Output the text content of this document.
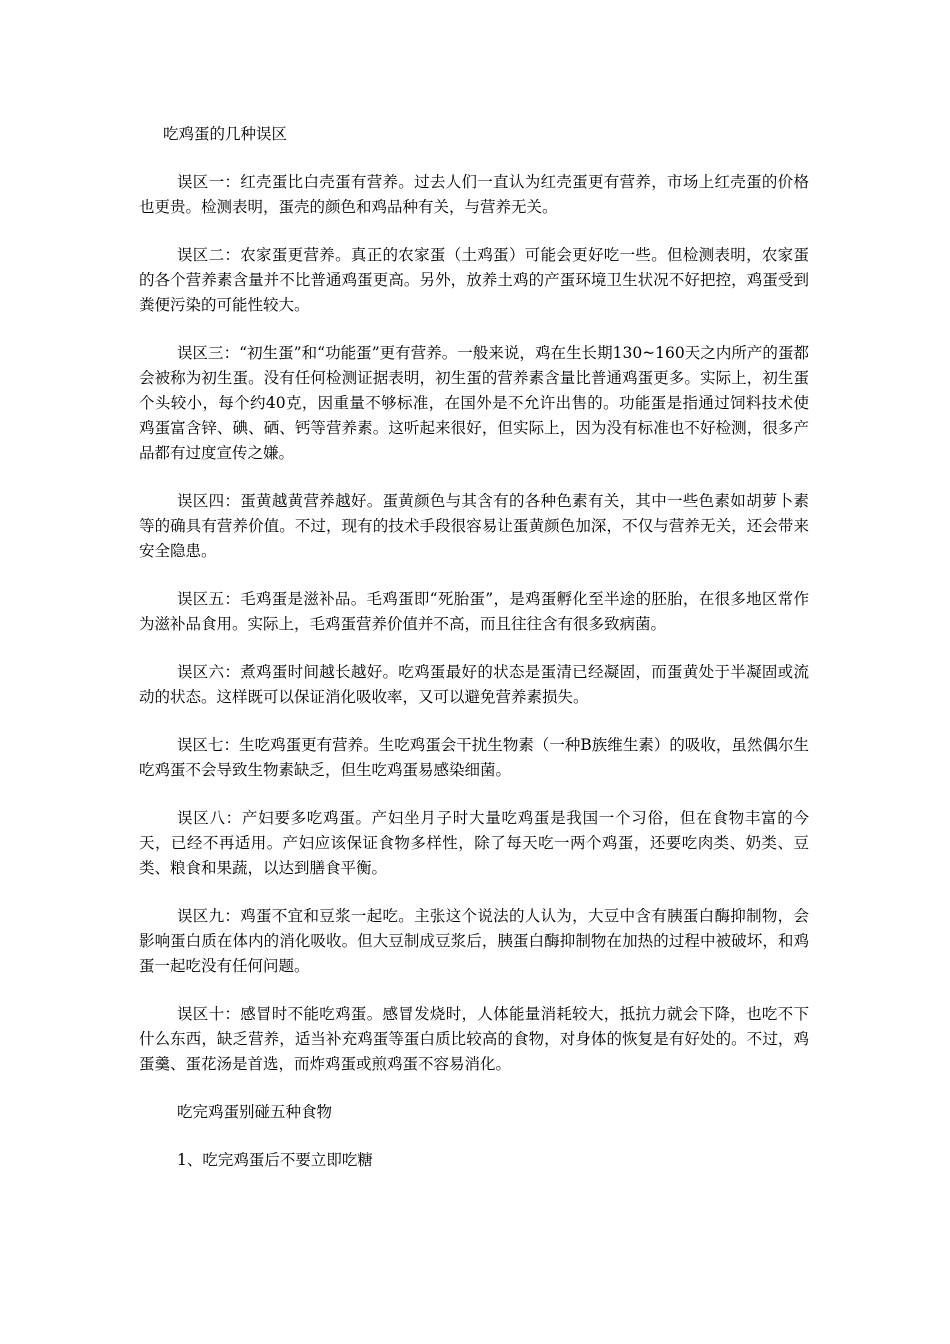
吃鸡蛋的几种误区

误区一：红壳蛋比白壳蛋有营养。过去人们一直认为红壳蛋更有营养，市场上红壳蛋的价格也更贵。检测表明，蛋壳的颜色和鸡品种有关，与营养无关。

误区二：农家蛋更营养。真正的农家蛋（土鸡蛋）可能会更好吃一些。但检测表明，农家蛋的各个营养素含量并不比普通鸡蛋更高。另外，放养土鸡的产蛋环境卫生状况不好把控，鸡蛋受到粪便污染的可能性较大。

误区三：“初生蛋”和“功能蛋”更有营养。一般来说，鸡在生长期130~160天之内所产的蛋都会被称为初生蛋。没有任何检测证据表明，初生蛋的营养素含量比普通鸡蛋更多。实际上，初生蛋个头较小，每个约40克，因重量不够标准，在国外是不允许出售的。功能蛋是指通过饲料技术使鸡蛋富含锌、碘、硒、钙等营养素。这听起来很好，但实际上，因为没有标准也不好检测，很多产品都有过度宣传之嫌。

误区四：蛋黄越黄营养越好。蛋黄颜色与其含有的各种色素有关，其中一些色素如胡萝卜素等的确具有营养价值。不过，现有的技术手段很容易让蛋黄颜色加深，不仅与营养无关，还会带来安全隐患。

误区五：毛鸡蛋是滋补品。毛鸡蛋即“死胎蛋”，是鸡蛋孵化至半途的胚胎，在很多地区常作为滋补品食用。实际上，毛鸡蛋营养价值并不高，而且往往含有很多致病菌。

误区六：煮鸡蛋时间越长越好。吃鸡蛋最好的状态是蛋清已经凝固，而蛋黄处于半凝固或流动的状态。这样既可以保证消化吸收率，又可以避免营养素损失。

误区七：生吃鸡蛋更有营养。生吃鸡蛋会干扰生物素（一种B族维生素）的吸收，虽然偶尔生吃鸡蛋不会导致生物素缺乏，但生吃鸡蛋易感染细菌。

误区八：产妇要多吃鸡蛋。产妇坐月子时大量吃鸡蛋是我国一个习俗，但在食物丰富的今天，已经不再适用。产妇应该保证食物多样性，除了每天吃一两个鸡蛋，还要吃肉类、奶类、豆类、粮食和果蔬，以达到膳食平衡。

误区九：鸡蛋不宜和豆浆一起吃。主张这个说法的人认为，大豆中含有胰蛋白酶抑制物，会影响蛋白质在体内的消化吸收。但大豆制成豆浆后，胰蛋白酶抑制物在加热的过程中被破坏，和鸡蛋一起吃没有任何问题。

误区十：感冒时不能吃鸡蛋。感冒发烧时，人体能量消耗较大，抵抗力就会下降，也吃不下什么东西，缺乏营养，适当补充鸡蛋等蛋白质比较高的食物，对身体的恢复是有好处的。不过，鸡蛋羹、蛋花汤是首选，而炸鸡蛋或煎鸡蛋不容易消化。

吃完鸡蛋别碰五种食物

1、吃完鸡蛋后不要立即吃糖
